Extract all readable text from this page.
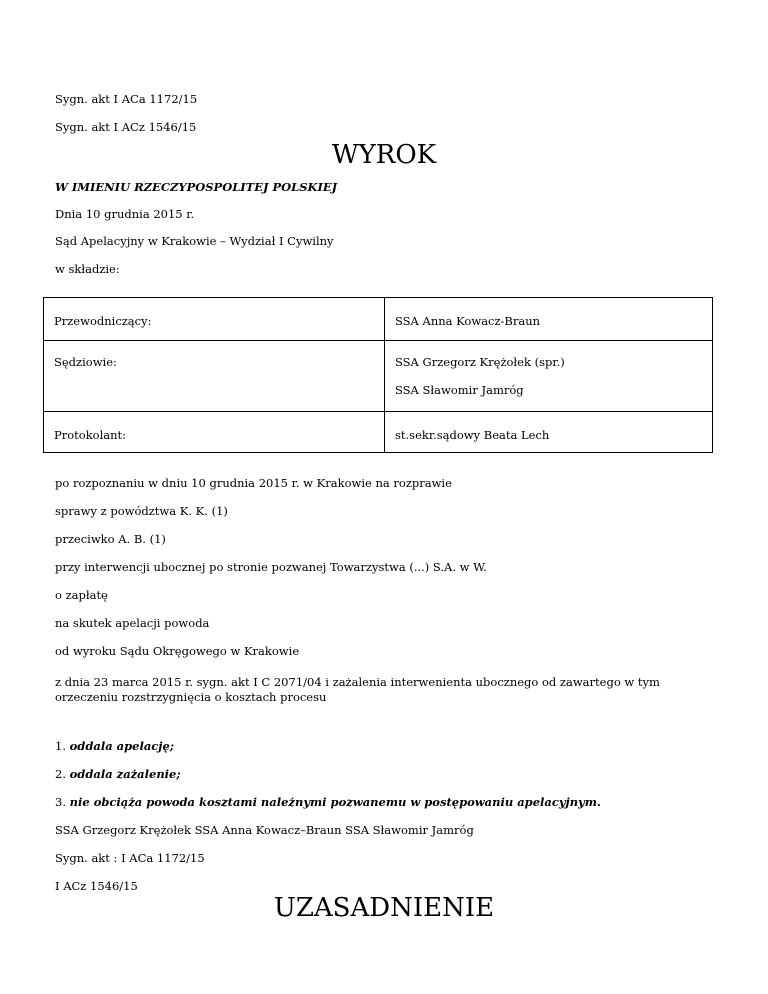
Sygn. akt I ACa 1172/15
Sygn. akt I ACz 1546/15
WYROK
W IMIENIU RZECZYPOSPOLITEJ POLSKIEJ
Dnia 10 grudnia 2015 r.
Sąd Apelacyjny w Krakowie – Wydział I Cywilny
w składzie:
Przewodniczący:	SSA Anna Kowacz-Braun

Sędziowie:	SSA Grzegorz Krężołek (spr.)
SSA Sławomir Jamróg

Protokolant:	st.sekr.sądowy Beata Lech
po rozpoznaniu w dniu 10 grudnia 2015 r. w Krakowie na rozprawie
sprawy z powództwa K. K. (1)
przeciwko A. B. (1)
przy interwencji ubocznej po stronie pozwanej Towarzystwa (...) S.A. w W.
o zapłatę
na skutek apelacji powoda
od wyroku Sądu Okręgowego w Krakowie
z dnia 23 marca 2015 r. sygn. akt I C 2071/04 i zażalenia interwenienta ubocznego od zawartego w tym orzeczeniu rozstrzygnięcia o kosztach procesu
1. oddala apelację;
2. oddala zażalenie;
3. nie obciąża powoda kosztami należnymi pozwanemu w postępowaniu apelacyjnym.
SSA Grzegorz Krężołek SSA Anna Kowacz–Braun SSA Sławomir Jamróg
Sygn. akt : I ACa 1172/15
I ACz 1546/15
UZASADNIENIE
